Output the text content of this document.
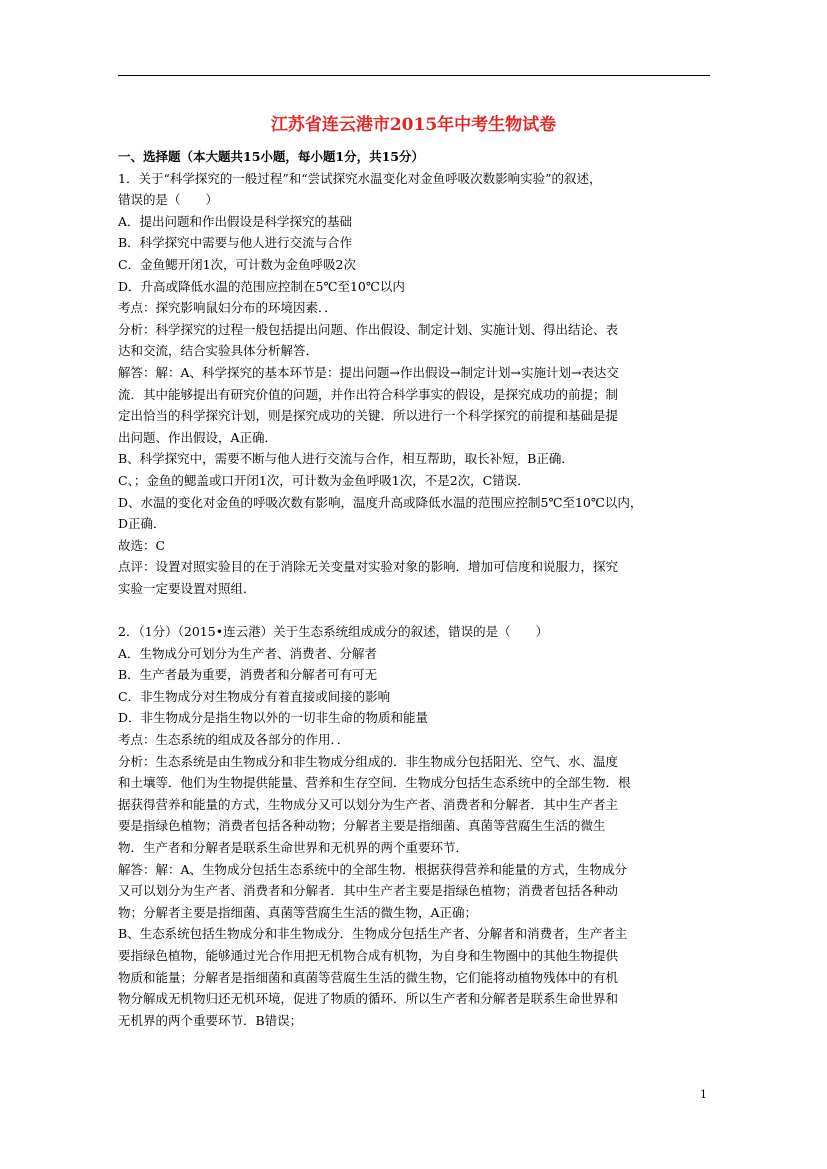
江苏省连云港市2015年中考生物试卷
一、选择题（本大题共15小题，每小题1分，共15分）
1．关于“科学探究的一般过程”和“尝试探究水温变化对金鱼呼吸次数影响实验”的叙述，
错误的是（　　）
A．提出问题和作出假设是科学探究的基础
B．科学探究中需要与他人进行交流与合作
C．金鱼鳃开闭1次，可计数为金鱼呼吸2次
D．升高或降低水温的范围应控制在5℃至10℃以内
考点：探究影响鼠妇分布的环境因素．．
分析：科学探究的过程一般包括提出问题、作出假设、制定计划、实施计划、得出结论、表
达和交流，结合实验具体分析解答．
解答：解：A、科学探究的基本环节是：提出问题→作出假设→制定计划→实施计划→表达交
流．其中能够提出有研究价值的问题，并作出符合科学事实的假设，是探究成功的前提；制
定出恰当的科学探究计划，则是探究成功的关键．所以进行一个科学探究的前提和基础是提
出问题、作出假设，A正确．
B、科学探究中，需要不断与他人进行交流与合作，相互帮助，取长补短，B正确．
C、；金鱼的鳃盖或口开闭1次，可计数为金鱼呼吸1次，不是2次，C错误．
D、水温的变化对金鱼的呼吸次数有影响，温度升高或降低水温的范围应控制5℃至10℃以内，
D正确．
故选：C
点评：设置对照实验目的在于消除无关变量对实验对象的影响．增加可信度和说服力，探究
实验一定要设置对照组．
2．（1分）（2015•连云港）关于生态系统组成成分的叙述，错误的是（　　）
A．生物成分可划分为生产者、消费者、分解者
B．生产者最为重要，消费者和分解者可有可无
C．非生物成分对生物成分有着直接或间接的影响
D．非生物成分是指生物以外的一切非生命的物质和能量
考点：生态系统的组成及各部分的作用．．
分析：生态系统是由生物成分和非生物成分组成的．非生物成分包括阳光、空气、水、温度
和土壤等．他们为生物提供能量、营养和生存空间．生物成分包括生态系统中的全部生物．根
据获得营养和能量的方式，生物成分又可以划分为生产者、消费者和分解者．其中生产者主
要是指绿色植物；消费者包括各种动物；分解者主要是指细菌、真菌等营腐生生活的微生
物．生产者和分解者是联系生命世界和无机界的两个重要环节．
解答：解：A、生物成分包括生态系统中的全部生物．根据获得营养和能量的方式，生物成分
又可以划分为生产者、消费者和分解者．其中生产者主要是指绿色植物；消费者包括各种动
物；分解者主要是指细菌、真菌等营腐生生活的微生物，A正确；
B、生态系统包括生物成分和非生物成分．生物成分包括生产者、分解者和消费者，生产者主
要指绿色植物，能够通过光合作用把无机物合成有机物，为自身和生物圈中的其他生物提供
物质和能量；分解者是指细菌和真菌等营腐生生活的微生物，它们能将动植物残体中的有机
物分解成无机物归还无机环境，促进了物质的循环．所以生产者和分解者是联系生命世界和
无机界的两个重要环节．B错误；
1
